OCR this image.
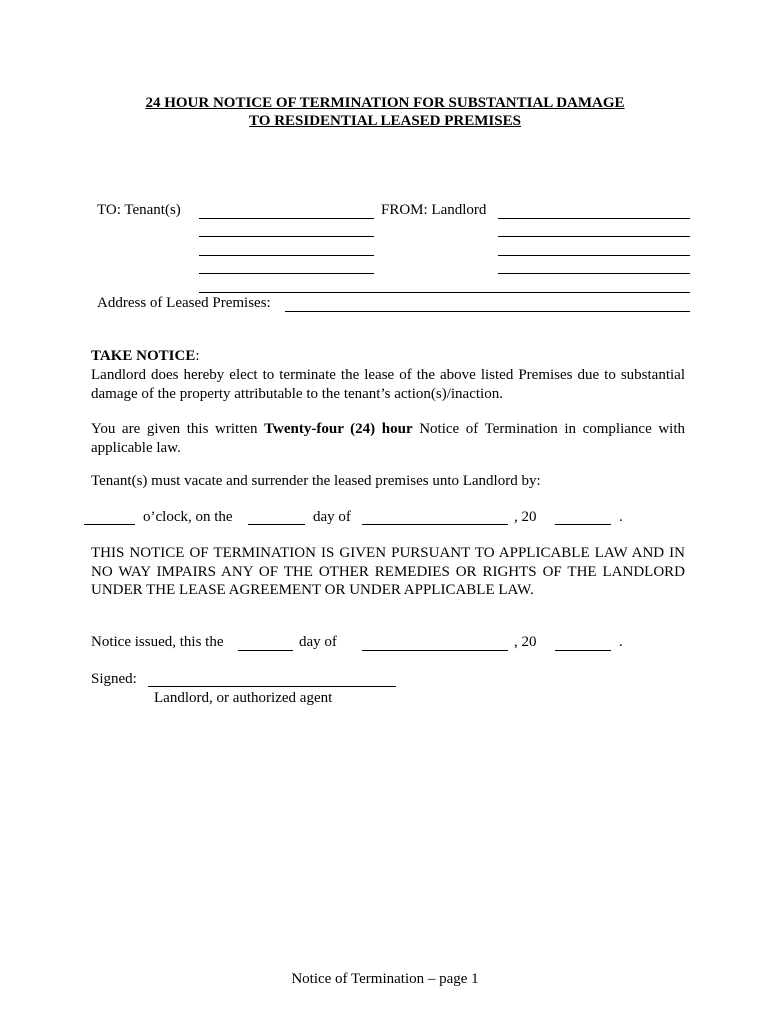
24 HOUR NOTICE OF TERMINATION FOR SUBSTANTIAL DAMAGE
TO RESIDENTIAL LEASED PREMISES
TO: Tenant(s)	FROM: Landlord
Address of Leased Premises:
TAKE NOTICE:
Landlord does hereby elect to terminate the lease of the above listed Premises due to substantial damage of the property attributable to the tenant’s action(s)/inaction.
You are given this written Twenty-four (24) hour Notice of Termination in compliance with applicable law.
Tenant(s) must vacate and surrender the leased premises unto Landlord by:
o’clock, on the	day of	, 20	.
THIS NOTICE OF TERMINATION IS GIVEN PURSUANT TO APPLICABLE LAW AND IN NO WAY IMPAIRS ANY OF THE OTHER REMEDIES OR RIGHTS OF THE LANDLORD UNDER THE LEASE AGREEMENT OR UNDER APPLICABLE LAW.
Notice issued, this the	day of	, 20	.
Signed:
Landlord, or authorized agent
Notice of Termination – page 1
